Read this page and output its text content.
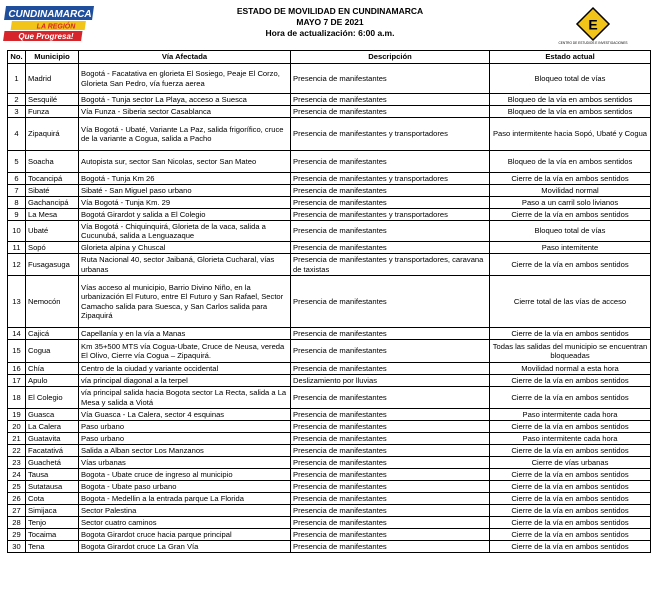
CUNDINAMARCA
LA REGIÓN
Que Progresa!
ESTADO DE MOVILIDAD EN CUNDINAMARCA
MAYO 7 DE 2021
Hora de actualización: 6:00 a.m.
E
CENTRO DE ESTUDIOS E INVESTIGACIONES
No.	Municipio	Vía Afectada	Descripción	Estado actual
1	Madrid	Bogotá - Facatativa en glorieta El Sosiego, Peaje El Corzo, Glorieta San Pedro, vía fuerza aerea	Presencia de manifestantes	Bloqueo total de vías
2	Sesquilé	Bogotá - Tunja sector La Playa, acceso a Suesca	Presencia de manifestantes	Bloqueo de la vía en ambos sentidos
3	Funza	Vía Funza - Siberia sector Casablanca	Presencia de manifestantes	Bloqueo de la vía en ambos sentidos
4	Zipaquirá	Vía Bogotá - Ubaté, Variante La Paz, salida frigorífico, cruce de la variante a Cogua, salida a Pacho	Presencia de manifestantes y transportadores	Paso intermitente hacia Sopó, Ubaté y Cogua
5	Soacha	Autopista sur, sector San Nicolas, sector San Mateo	Presencia de manifestantes	Bloqueo de la vía en ambos sentidos
6	Tocancipá	Bogotá - Tunja Km 26	Presencia de manifestantes y transportadores	Cierre de la vía en ambos sentidos
7	Sibaté	Sibaté - San Miguel paso urbano	Presencia de manifestantes	Movilidad normal
8	Gachancipá	Vía Bogotá - Tunja Km. 29	Presencia de manifestantes	Paso a un carril solo livianos
9	La Mesa	Bogotá Girardot y salida a El Colegio	Presencia de manifestantes y transportadores	Cierre de la vía en ambos sentidos
10	Ubaté	Vía Bogotá - Chiquinquirá, Glorieta de la vaca, salida a Cucunubá, salida a Lenguazaque	Presencia de manifestantes	Bloqueo total de vías
11	Sopó	Glorieta alpina y Chuscal	Presencia de manifestantes	Paso intemitente
12	Fusagasuga	Ruta Nacional 40, sector Jaibaná, Glorieta Cucharal, vías urbanas	Presencia de manifestantes y transportadores, caravana de taxistas	Cierre de la vía en ambos sentidos
13	Nemocón	Vías acceso al municipio, Barrio Divino Niño, en la urbanización El Futuro, entre El Futuro y San Rafael, Sector Camacho salida para Suesca, y San Carlos salida para Zipaquirá	Presencia de manifestantes	Cierre total de las vías de acceso
14	Cajicá	Capellanía y en la vía a Manas	Presencia de manifestantes	Cierre de la vía en ambos sentidos
15	Cogua	Km 35+500 MTS vía Cogua-Ubate, Cruce de Neusa, vereda El Olivo, Cierre vía Cogua – Zipaquirá.	Presencia de manifestantes	Todas las salidas del municipio se encuentran bloqueadas
16	Chía	Centro de la ciudad y variante occidental	Presencia de manifestantes	Movilidad normal a esta hora
17	Apulo	vía principal diagonal a la terpel	Deslizamiento por lluvias	Cierre de la vía en ambos sentidos
18	El Colegio	vía principal salida hacia Bogota sector La Recta, salida a La Mesa y salida a Viotá	Presencia de manifestantes	Cierre de la vía en ambos sentidos
19	Guasca	Vía Guasca - La Calera, sector 4 esquinas	Presencia de manifestantes	Paso intermitente cada hora
20	La Calera	Paso urbano	Presencia de manifestantes	Cierre de la vía en ambos sentidos
21	Guatavita	Paso urbano	Presencia de manifestantes	Paso intermitente cada hora
22	Facatativá	Salida a Alban sector Los Manzanos	Presencia de manifestantes	Cierre de la vía en ambos sentidos
23	Guachetá	Vías urbanas	Presencia de manifestantes	Cierre de vías urbanas
24	Tausa	Bogota - Ubate cruce de ingreso al municipio	Presencia de manifestantes	Cierre de la vía en ambos sentidos
25	Sutatausa	Bogota - Ubate paso urbano	Presencia de manifestantes	Cierre de la vía en ambos sentidos
26	Cota	Bogota - Medellin a la entrada parque La Florida	Presencia de manifestantes	Cierre de la vía en ambos sentidos
27	Simijaca	Sector Palestina	Presencia de manifestantes	Cierre de la vía en ambos sentidos
28	Tenjo	Sector cuatro caminos	Presencia de manifestantes	Cierre de la vía en ambos sentidos
29	Tocaima	Bogota Girardot cruce hacia parque principal	Presencia de manifestantes	Cierre de la vía en ambos sentidos
30	Tena	Bogota Girardot cruce La Gran Vía	Presencia de manifestantes	Cierre de la vía en ambos sentidos
